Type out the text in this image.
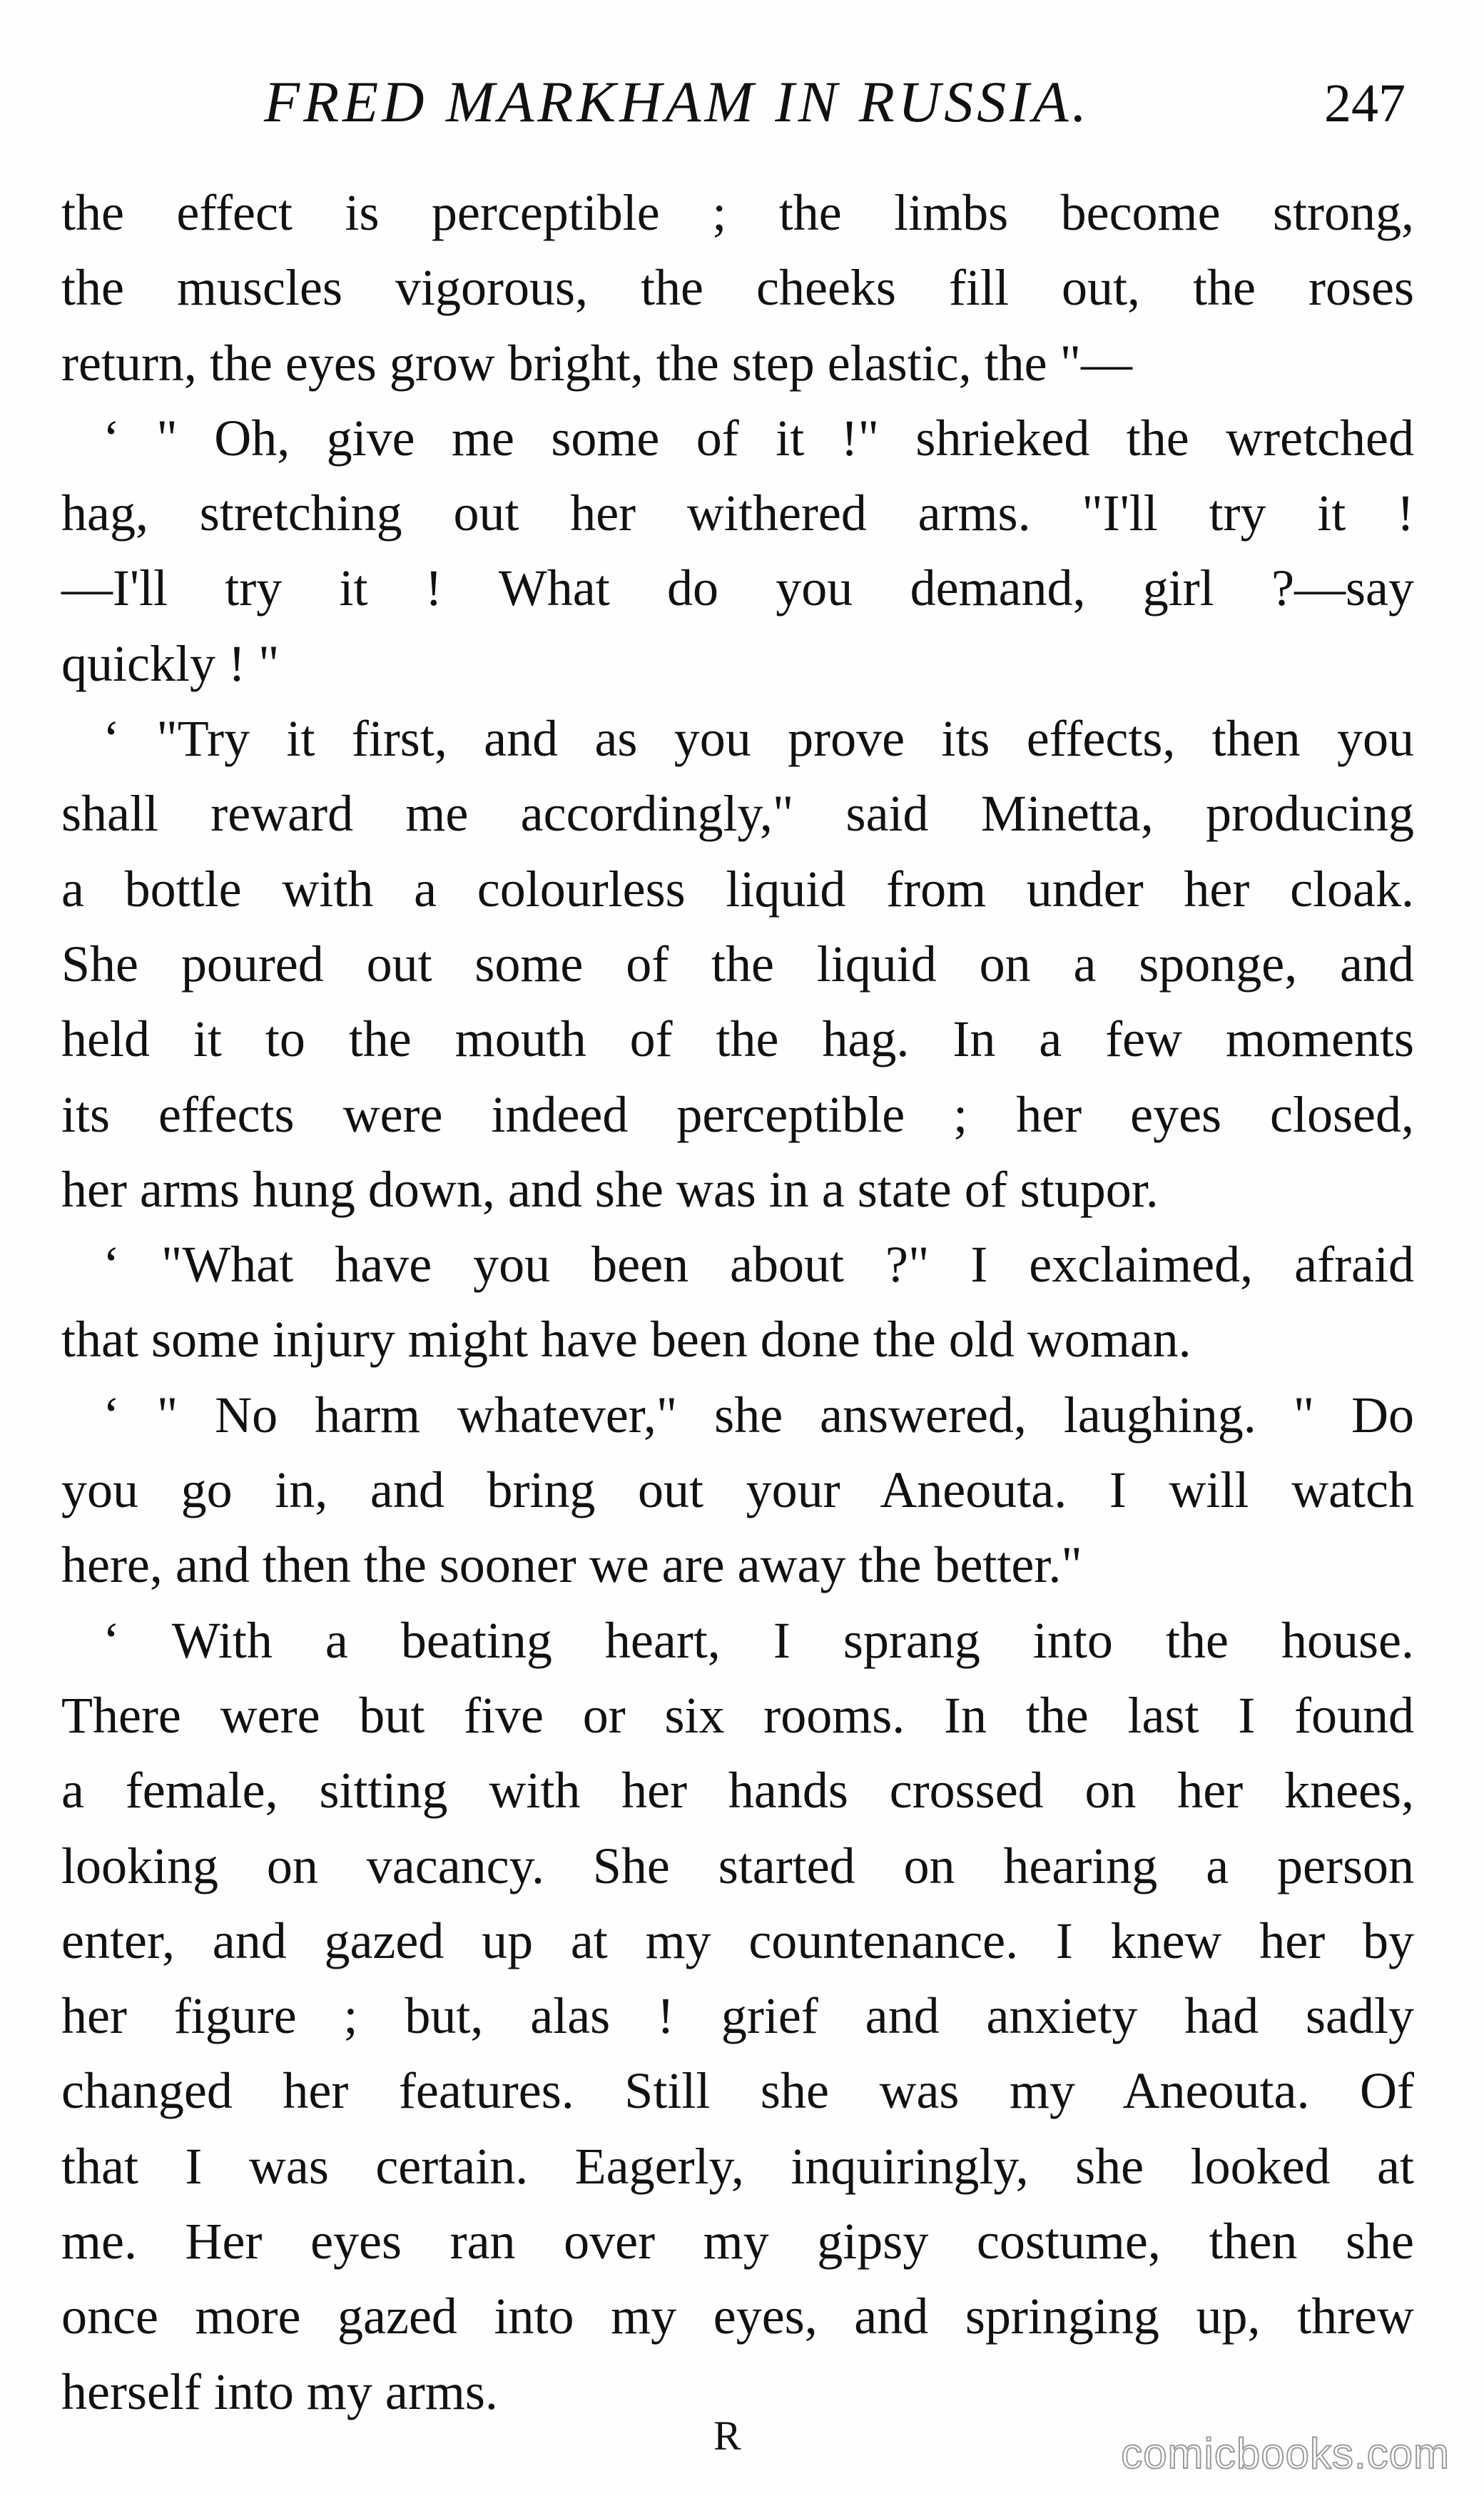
FRED MARKHAM IN RUSSIA.	247
the effect is perceptible ; the limbs become strong,
the muscles vigorous, the cheeks fill out, the roses
return, the eyes grow bright, the step elastic, the "—
‘ " Oh, give me some of it !" shrieked the wretched
hag, stretching out her withered arms. "I'll try it !
—I'll try it ! What do you demand, girl ?—say
quickly ! "
‘ "Try it first, and as you prove its effects, then you
shall reward me accordingly," said Minetta, producing
a bottle with a colourless liquid from under her cloak.
She poured out some of the liquid on a sponge, and
held it to the mouth of the hag. In a few moments
its effects were indeed perceptible ; her eyes closed,
her arms hung down, and she was in a state of stupor.
‘ "What have you been about ?" I exclaimed, afraid
that some injury might have been done the old woman.
‘ " No harm whatever," she answered, laughing. " Do
you go in, and bring out your Aneouta. I will watch
here, and then the sooner we are away the better."
‘ With a beating heart, I sprang into the house.
There were but five or six rooms. In the last I found
a female, sitting with her hands crossed on her knees,
looking on vacancy. She started on hearing a person
enter, and gazed up at my countenance. I knew her by
her figure ; but, alas ! grief and anxiety had sadly
changed her features. Still she was my Aneouta. Of
that I was certain. Eagerly, inquiringly, she looked at
me. Her eyes ran over my gipsy costume, then she
once more gazed into my eyes, and springing up, threw
herself into my arms.
R	comicbooks.com
